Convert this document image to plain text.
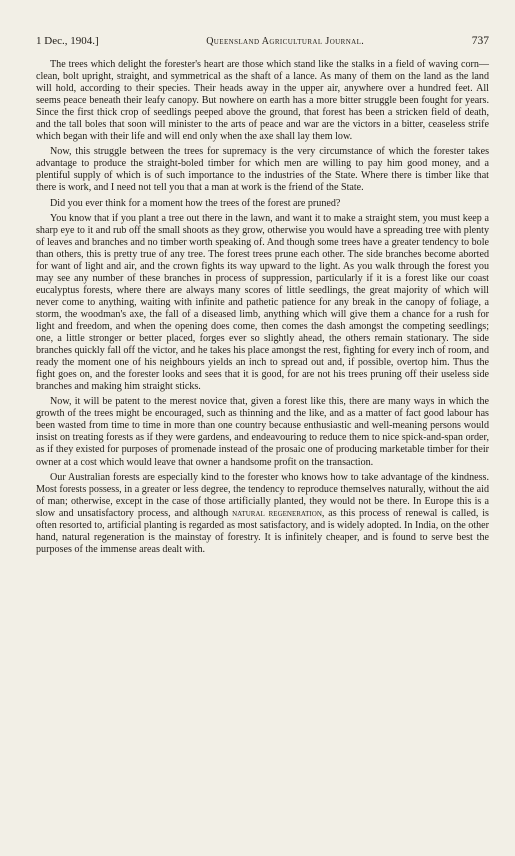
1 Dec., 1904.]	Queensland Agricultural Journal.	737

The trees which delight the forester's heart are those which stand like the stalks in a field of waving corn—clean, bolt upright, straight, and symmetrical as the shaft of a lance. As many of them on the land as the land will hold, according to their species. Their heads away in the upper air, anywhere over a hundred feet. All seems peace beneath their leafy canopy. But nowhere on earth has a more bitter struggle been fought for years. Since the first thick crop of seedlings peeped above the ground, that forest has been a stricken field of death, and the tall boles that soon will minister to the arts of peace and war are the victors in a bitter, ceaseless strife which began with their life and will end only when the axe shall lay them low.

Now, this struggle between the trees for supremacy is the very circumstance of which the forester takes advantage to produce the straight-boled timber for which men are willing to pay him good money, and a plentiful supply of which is of such importance to the industries of the State. Where there is timber like that there is work, and I need not tell you that a man at work is the friend of the State.

Did you ever think for a moment how the trees of the forest are pruned?

You know that if you plant a tree out there in the lawn, and want it to make a straight stem, you must keep a sharp eye to it and rub off the small shoots as they grow, otherwise you would have a spreading tree with plenty of leaves and branches and no timber worth speaking of. And though some trees have a greater tendency to bole than others, this is pretty true of any tree. The forest trees prune each other. The side branches become aborted for want of light and air, and the crown fights its way upward to the light. As you walk through the forest you may see any number of these branches in process of suppression, particularly if it is a forest like our coast eucalyptus forests, where there are always many scores of little seedlings, the great majority of which will never come to anything, waiting with infinite and pathetic patience for any break in the canopy of foliage, a storm, the woodman's axe, the fall of a diseased limb, anything which will give them a chance for a rush for light and freedom, and when the opening does come, then comes the dash amongst the competing seedlings; one, a little stronger or better placed, forges ever so slightly ahead, the others remain stationary. The side branches quickly fall off the victor, and he takes his place amongst the rest, fighting for every inch of room, and ready the moment one of his neighbours yields an inch to spread out and, if possible, overtop him. Thus the fight goes on, and the forester looks and sees that it is good, for are not his trees pruning off their useless side branches and making him straight sticks.

Now, it will be patent to the merest novice that, given a forest like this, there are many ways in which the growth of the trees might be encouraged, such as thinning and the like, and as a matter of fact good labour has been wasted from time to time in more than one country because enthusiastic and well-meaning persons would insist on treating forests as if they were gardens, and endeavouring to reduce them to nice spick-and-span order, as if they existed for purposes of promenade instead of the prosaic one of producing marketable timber for their owner at a cost which would leave that owner a handsome profit on the transaction.

Our Australian forests are especially kind to the forester who knows how to take advantage of the kindness. Most forests possess, in a greater or less degree, the tendency to reproduce themselves naturally, without the aid of man; otherwise, except in the case of those artificially planted, they would not be there. In Europe this is a slow and unsatisfactory process, and although natural regeneration, as this process of renewal is called, is often resorted to, artificial planting is regarded as most satisfactory, and is widely adopted. In India, on the other hand, natural regeneration is the mainstay of forestry. It is infinitely cheaper, and is found to serve best the purposes of the immense areas dealt with.
